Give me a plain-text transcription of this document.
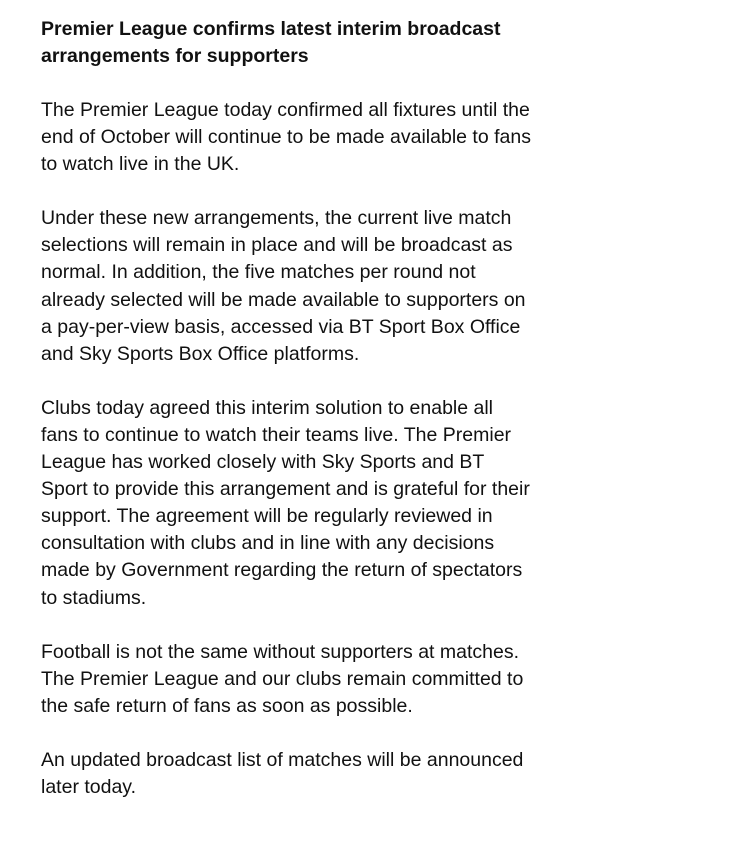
Premier League confirms latest interim broadcast
arrangements for supporters

The Premier League today confirmed all fixtures until the
end of October will continue to be made available to fans
to watch live in the UK.

Under these new arrangements, the current live match
selections will remain in place and will be broadcast as
normal. In addition, the five matches per round not
already selected will be made available to supporters on
a pay-per-view basis, accessed via BT Sport Box Office
and Sky Sports Box Office platforms.

Clubs today agreed this interim solution to enable all
fans to continue to watch their teams live. The Premier
League has worked closely with Sky Sports and BT
Sport to provide this arrangement and is grateful for their
support. The agreement will be regularly reviewed in
consultation with clubs and in line with any decisions
made by Government regarding the return of spectators
to stadiums.

Football is not the same without supporters at matches.
The Premier League and our clubs remain committed to
the safe return of fans as soon as possible.

An updated broadcast list of matches will be announced
later today.
